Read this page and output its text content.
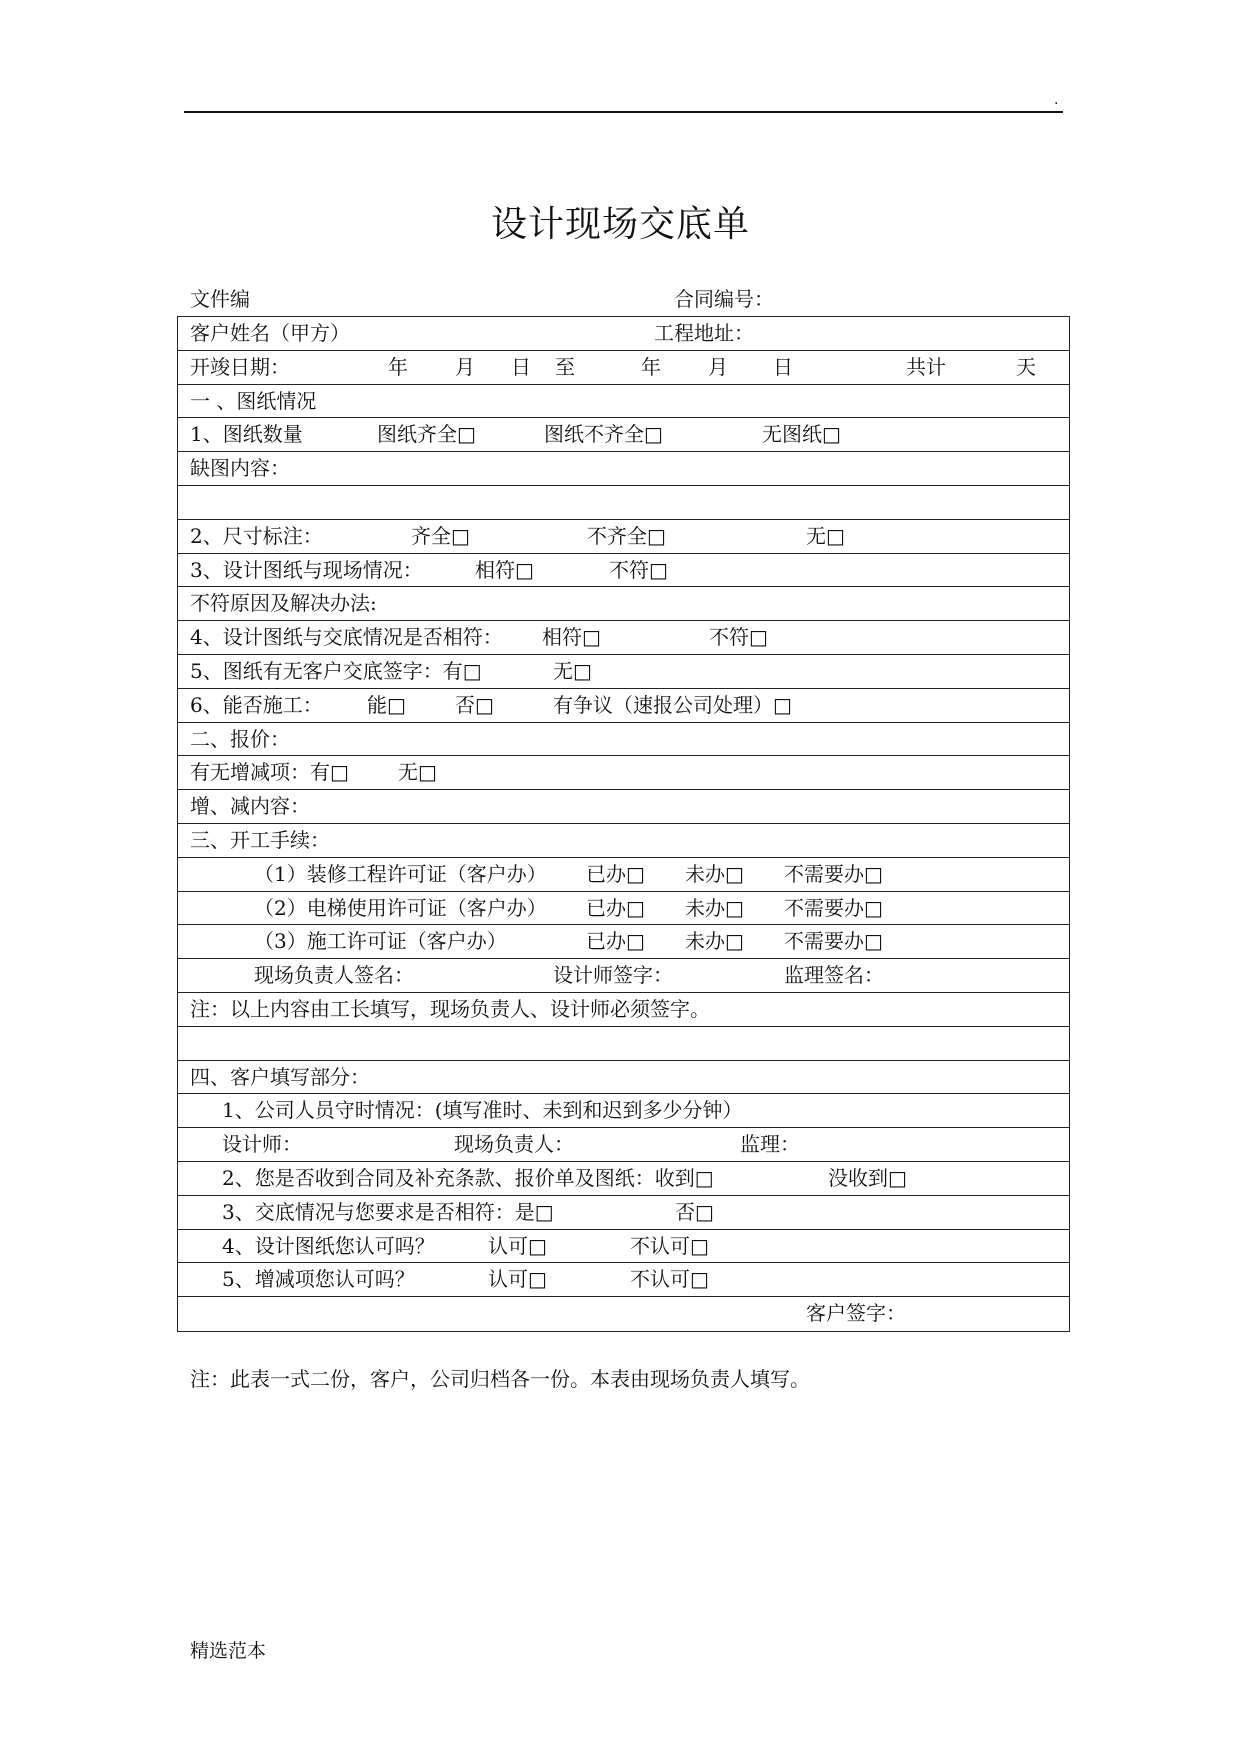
.
设计现场交底单
文件编	合同编号：
客户姓名（甲方）	工程地址：
开竣日期：	年 月 日 至	年 月 日	共计	天
一 、图纸情况
1、图纸数量	图纸齐全□	图纸不齐全□	无图纸□
缺图内容：
2、尺寸标注：	齐全□	不齐全□	无□
3、设计图纸与现场情况：	相符□	不符□
不符原因及解决办法:
4、设计图纸与交底情况是否相符： 相符□	不符□
5、图纸有无客户交底签字：有□	无□
6、能否施工： 能□ 否□	有争议（速报公司处理）□
二、报价：
有无增减项：有□ 无□
增、减内容：
三、开工手续：
（1）装修工程许可证（客户办） 已办□ 未办□ 不需要办□
（2）电梯使用许可证（客户办） 已办□ 未办□ 不需要办□
（3）施工许可证（客户办）	已办□ 未办□ 不需要办□
现场负责人签名：	设计师签字：	监理签名：
注：以上内容由工长填写，现场负责人、设计师必须签字。
四、客户填写部分：
1、公司人员守时情况：(填写准时、未到和迟到多少分钟）
设计师：	现场负责人：	监理：
2、您是否收到合同及补充条款、报价单及图纸：收到□	没收到□
3、交底情况与您要求是否相符：是□	否□
4、设计图纸您认可吗？	认可□	不认可□
5、增减项您认可吗？	认可□	不认可□
客户签字：
注：此表一式二份，客户，公司归档各一份。本表由现场负责人填写。
精选范本
